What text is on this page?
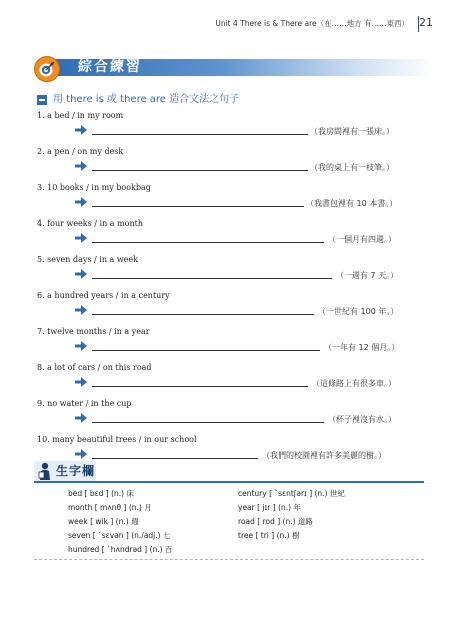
Unit 4 There is & There are（在……地方 有……東西） 21
綜合練習
用 there is 或 there are 造合文法之句子
1. a bed / in my room
（我房間裡有一張床。）
2. a pen / on my desk
（我的桌上有一枝筆。）
3. 10 books / in my bookbag
（我書包裡有 10 本書。）
4. four weeks / in a month
（一個月有四週。）
5. seven days / in a week
（一週有 7 天。）
6. a hundred years / in a century
（一世紀有 100 年。）
7. twelve months / in a year
（一年有 12 個月。）
8. a lot of cars / on this road
（這條路上有很多車。）
9. no water / in the cup
（杯子裡沒有水。）
10. many beautiful trees / in our school
（我們的校園裡有許多美麗的樹。）
生字欄
bed [ bɛd ] (n.) 床
month [ mʌnθ ] (n.) 月
week [ wik ] (n.) 週
seven [ ˋsɛvən ] (n./adj.) 七
hundred [ ˋhʌndrəd ] (n.) 百
century [ ˋsɛntʃərɪ ] (n.) 世紀
year [ jɪr ] (n.) 年
road [ rod ] (n.) 道路
tree [ tri ] (n.) 樹
